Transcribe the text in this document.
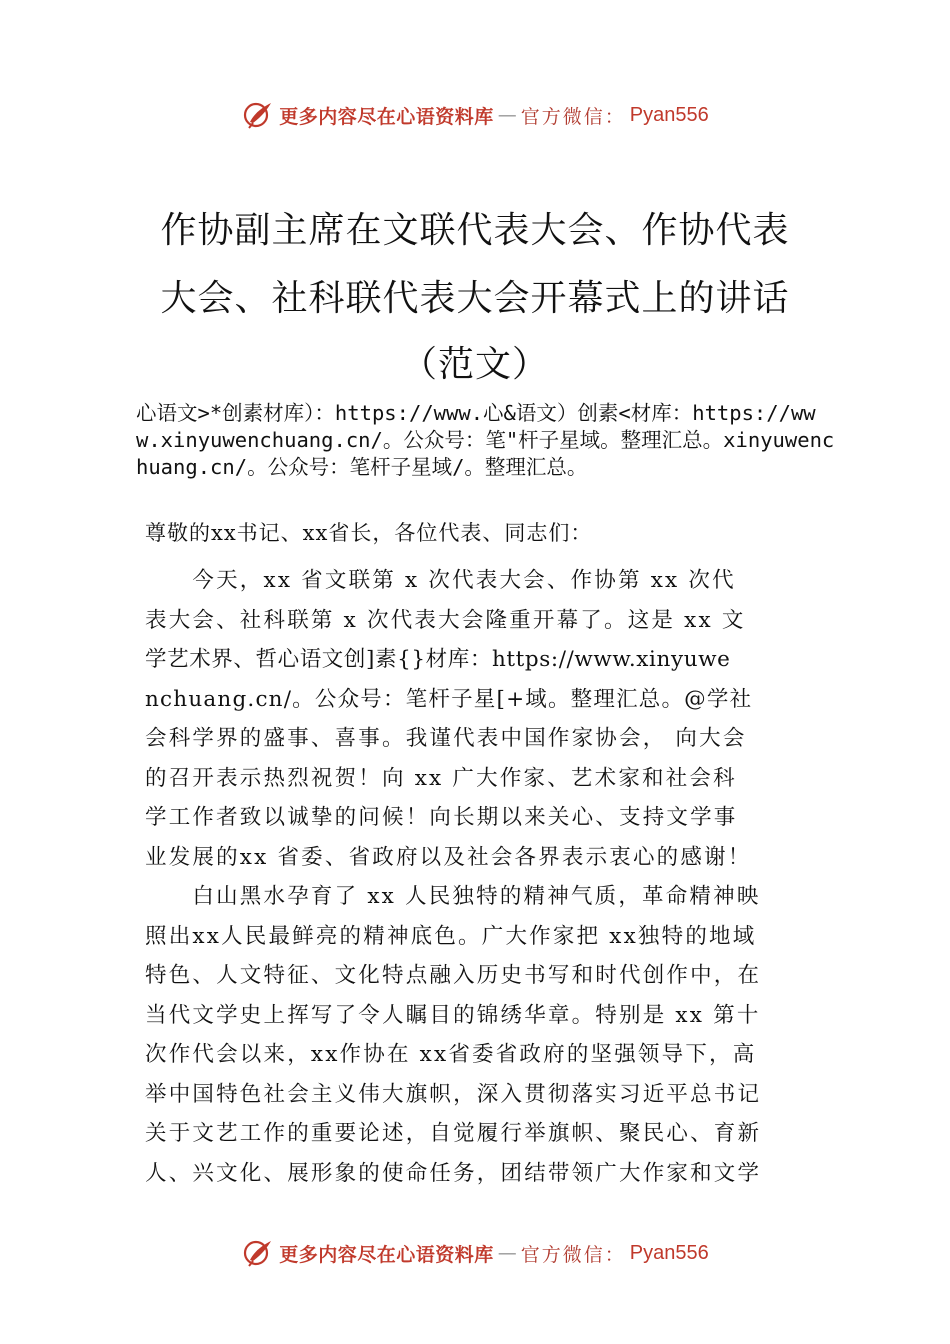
更多内容尽在心语资料库 — 官方微信： Pyan556
作协副主席在文联代表大会、作协代表
大会、社科联代表大会开幕式上的讲话
（范文）
心语文>*创素材库）：https://www.心&语文）创素<材库：https://www.xinyuwenchuang.cn/。公众号：笔"杆子星域。整理汇总。xinyuwenchuang.cn/。公众号：笔杆子星域/。整理汇总。
尊敬的xx书记、xx省长，各位代表、同志们：
　　今天，xx 省文联第 x 次代表大会、作协第 xx 次代
表大会、社科联第 x 次代表大会隆重开幕了。这是 xx 文
学艺术界、哲心语文创]素{}材库：https://www.xinyuwe
nchuang.cn/。公众号：笔杆子星[+域。整理汇总。@学社
会科学界的盛事、喜事。我谨代表中国作家协会， 向大会
的召开表示热烈祝贺！向 xx 广大作家、艺术家和社会科
学工作者致以诚挚的问候！向长期以来关心、支持文学事
业发展的xx 省委、省政府以及社会各界表示衷心的感谢！
　　白山黑水孕育了 xx 人民独特的精神气质，革命精神映
照出xx人民最鲜亮的精神底色。广大作家把 xx独特的地域
特色、人文特征、文化特点融入历史书写和时代创作中，在
当代文学史上挥写了令人瞩目的锦绣华章。特别是 xx 第十
次作代会以来，xx作协在 xx省委省政府的坚强领导下，高
举中国特色社会主义伟大旗帜，深入贯彻落实习近平总书记
关于文艺工作的重要论述，自觉履行举旗帜、聚民心、育新
人、兴文化、展形象的使命任务，团结带领广大作家和文学
更多内容尽在心语资料库 — 官方微信： Pyan556
